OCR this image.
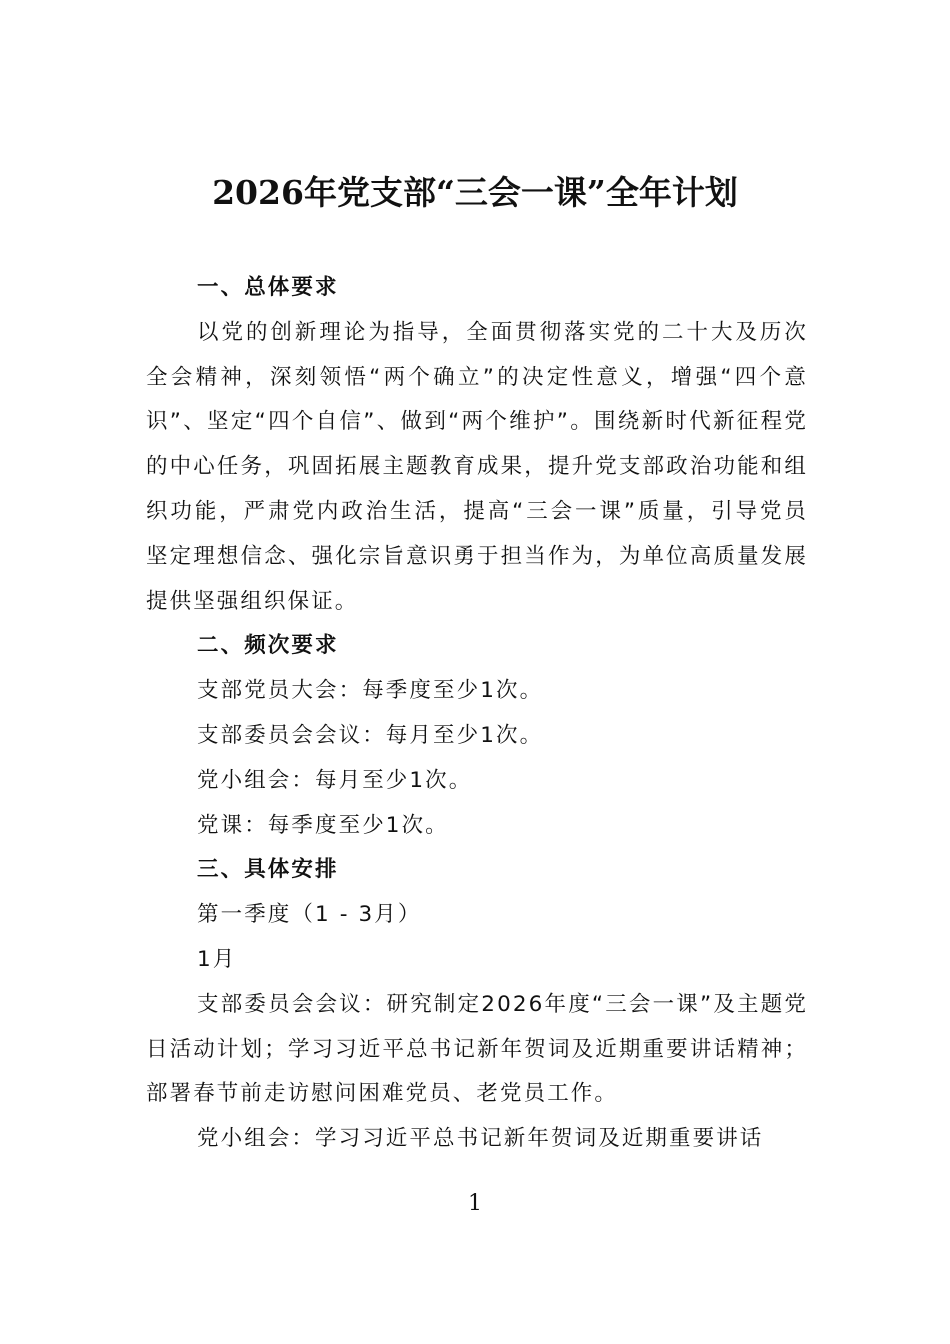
2026年党支部“三会一课”全年计划

一、总体要求

以党的创新理论为指导，全面贯彻落实党的二十大及历次全会精神，深刻领悟“两个确立”的决定性意义，增强“四个意识”、坚定“四个自信”、做到“两个维护”。围绕新时代新征程党的中心任务，巩固拓展主题教育成果，提升党支部政治功能和组织功能，严肃党内政治生活，提高“三会一课”质量，引导党员坚定理想信念、强化宗旨意识勇于担当作为，为单位高质量发展提供坚强组织保证。

二、频次要求

支部党员大会：每季度至少1次。

支部委员会会议：每月至少1次。

党小组会：每月至少1次。

党课：每季度至少1次。

三、具体安排

第一季度（1 - 3月）

1月

支部委员会会议：研究制定2026年度“三会一课”及主题党日活动计划；学习习近平总书记新年贺词及近期重要讲话精神；部署春节前走访慰问困难党员、老党员工作。

党小组会：学习习近平总书记新年贺词及近期重要讲话

1
